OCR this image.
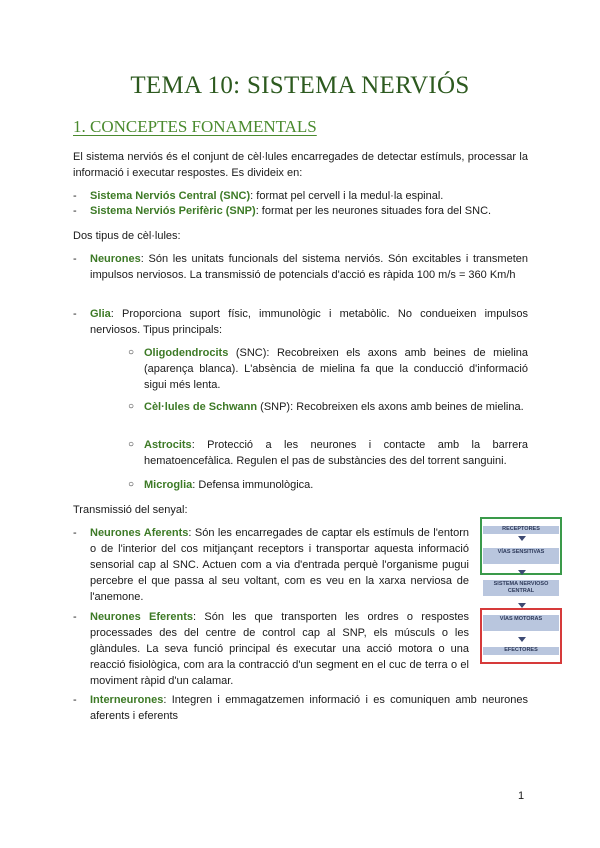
TEMA 10: SISTEMA NERVIÓS
1. CONCEPTES FONAMENTALS
El sistema nerviós és el conjunt de cèl·lules encarregades de detectar estímuls, processar la informació i executar respostes. Es divideix en:
- Sistema Nerviós Central (SNC): format pel cervell i la medul·la espinal.
- Sistema Nerviós Perifèric (SNP): format per les neurones situades fora del SNC.
Dos tipus de cèl·lules:
- Neurones: Són les unitats funcionals del sistema nerviós. Són excitables i transmeten impulsos nerviosos. La transmissió de potencials d'acció es ràpida 100 m/s = 360 Km/h
- Glia: Proporciona suport físic, immunològic i metabòlic. No condueixen impulsos nerviosos. Tipus principals:
○ Oligodendrocits (SNC): Recobreixen els axons amb beines de mielina (aparença blanca). L'absència de mielina fa que la conducció d'informació sigui més lenta.
○ Cèl·lules de Schwann (SNP): Recobreixen els axons amb beines de mielina.
○ Astrocits: Protecció a les neurones i contacte amb la barrera hematoencefàlica. Regulen el pas de substàncies des del torrent sanguini.
○ Microglia: Defensa immunològica.
Transmissió del senyal:
- Neurones Aferents: Són les encarregades de captar els estímuls de l'entorn o de l'interior del cos mitjançant receptors i transportar aquesta informació sensorial cap al SNC. Actuen com a via d'entrada perquè l'organisme pugui percebre el que passa al seu voltant, com es veu en la xarxa nerviosa de l'anemone.
- Neurones Eferents: Són les que transporten les ordres o respostes processades des del centre de control cap al SNP, els músculs o les glàndules. La seva funció principal és executar una acció motora o una reacció fisiològica, com ara la contracció d'un segment en el cuc de terra o el moviment ràpid d'un calamar.
- Interneurones: Integren i emmagatzemen informació i es comuniquen amb neurones aferents i eferents
RECEPTORES
VÍAS SENSITIVAS
SISTEMA NERVIOSO CENTRAL
VÍAS MOTORAS
EFECTORES
1
